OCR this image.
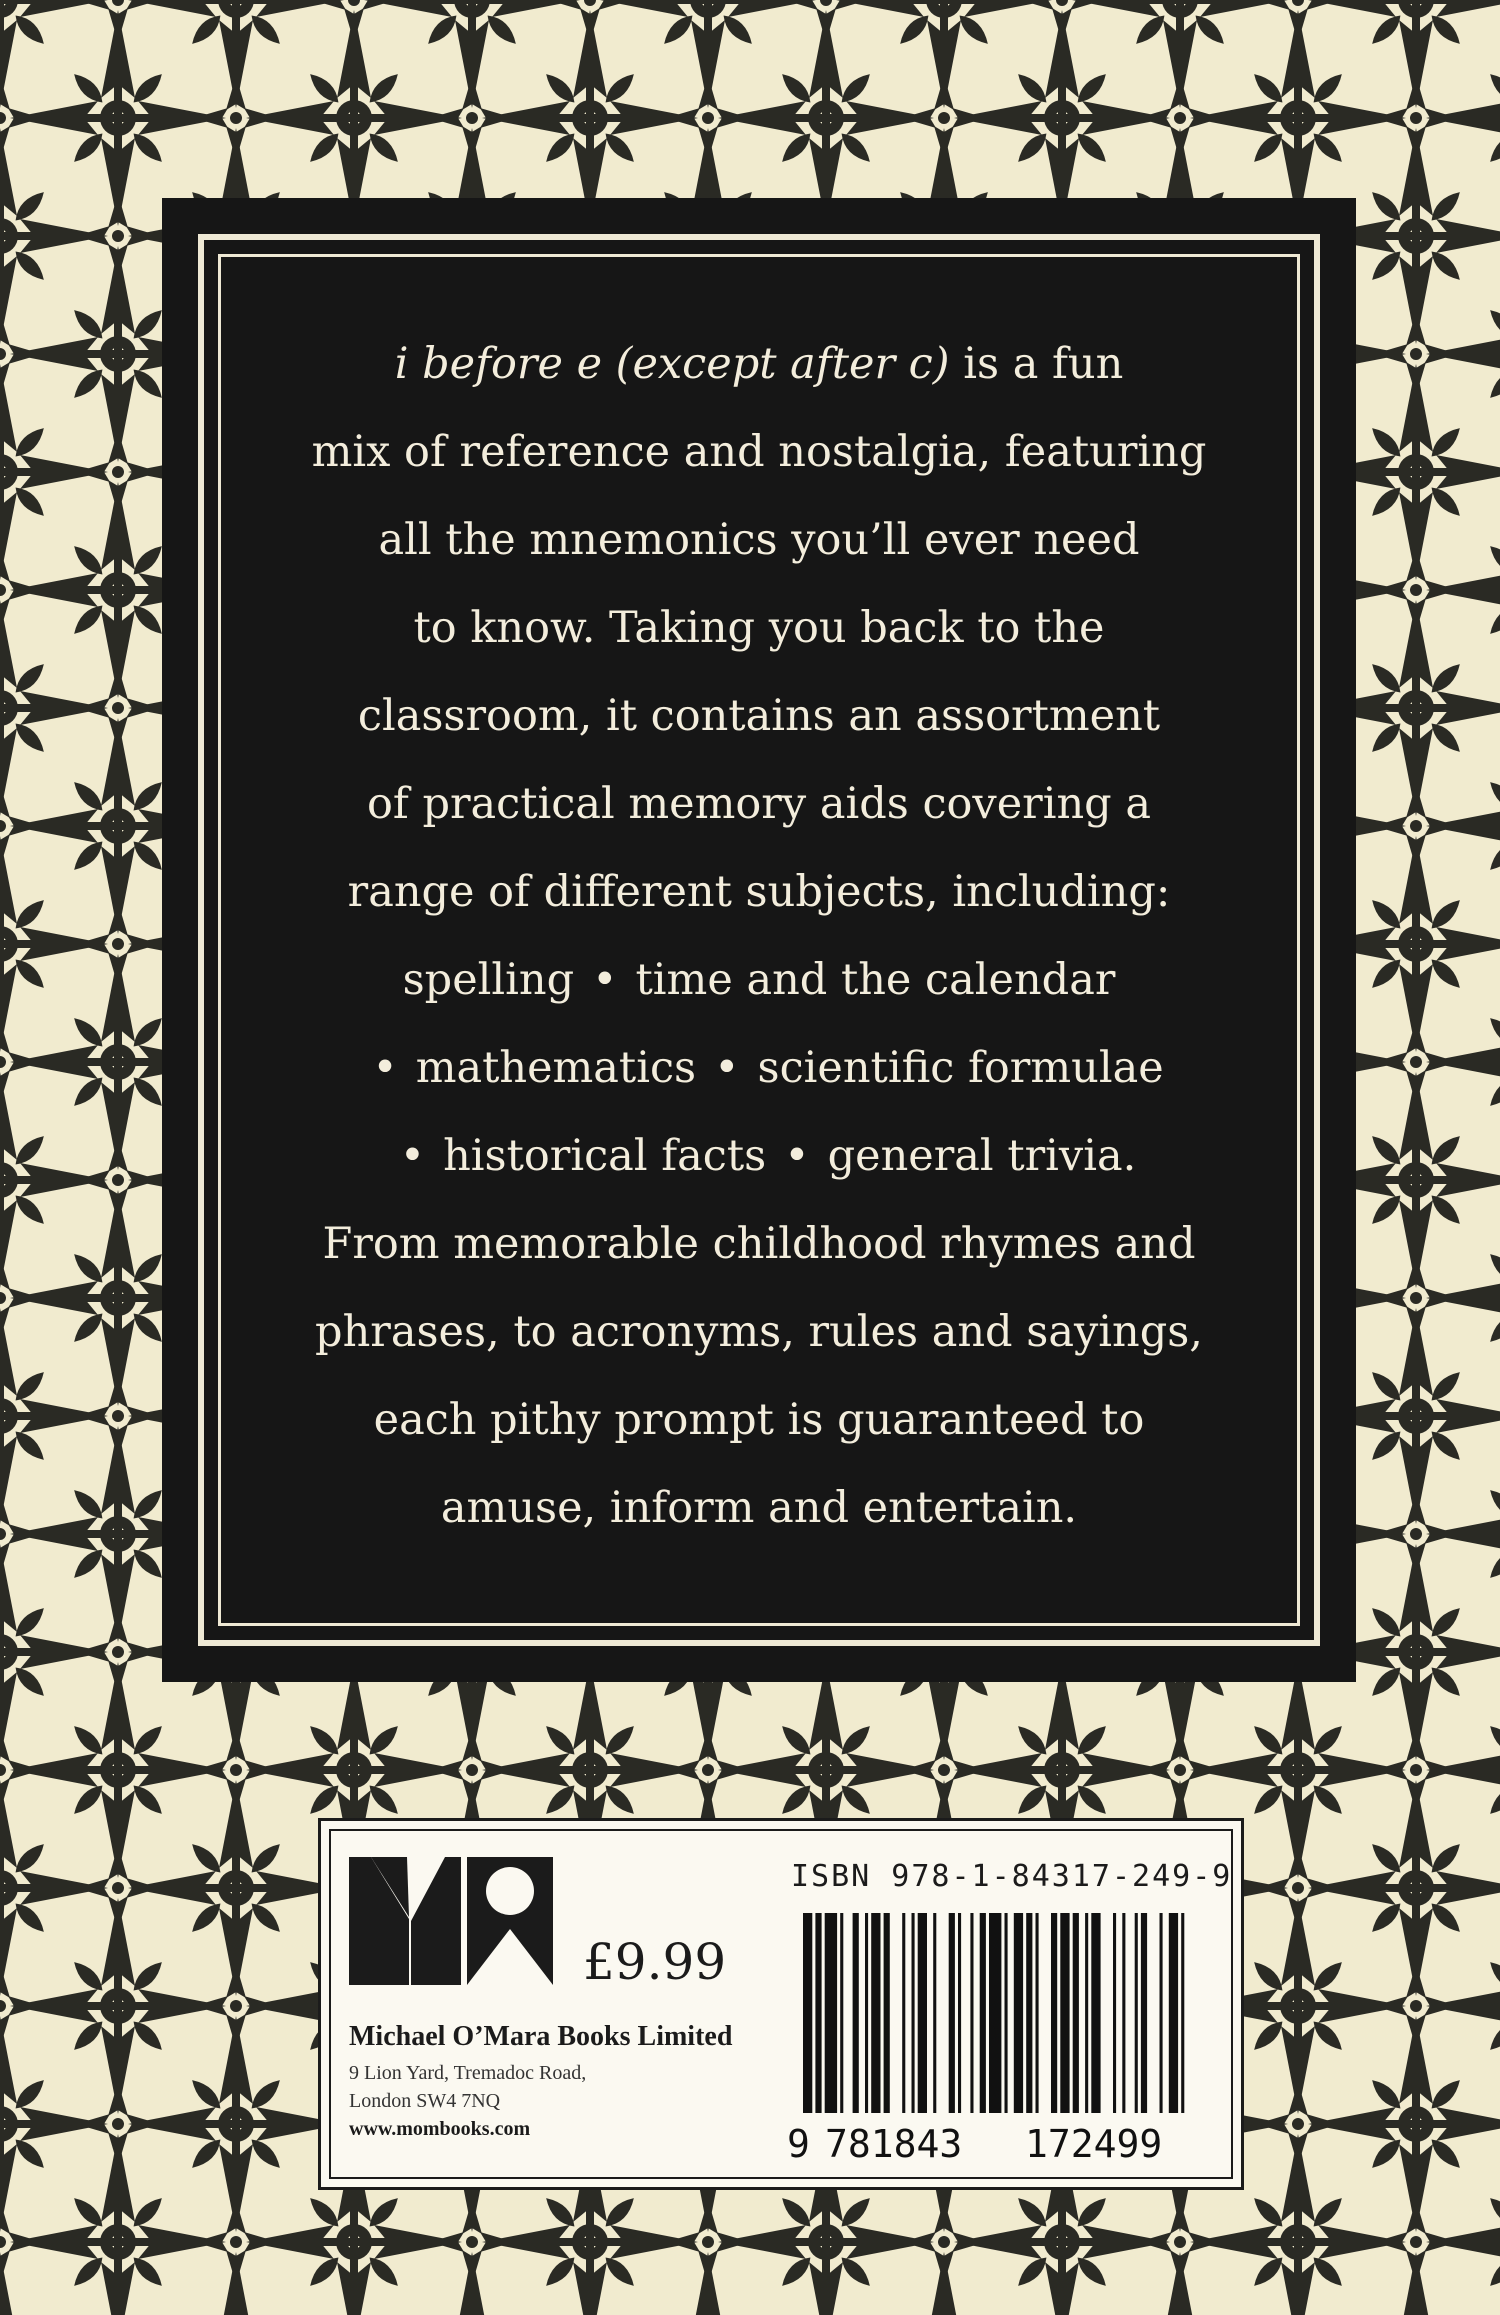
i before e (except after c) is a fun
mix of reference and nostalgia, featuring
all the mnemonics you’ll ever need
to know. Taking you back to the
classroom, it contains an assortment
of practical memory aids covering a
range of different subjects, including:
spelling • time and the calendar
• mathematics • scientific formulae
• historical facts • general trivia.
From memorable childhood rhymes and
phrases, to acronyms, rules and sayings,
each pithy prompt is guaranteed to
amuse, inform and entertain.
£9.99
Michael O’Mara Books Limited
9 Lion Yard, Tremadoc Road,
London SW4 7NQ
www.mombooks.com
ISBN 978-1-84317-249-9
9 781843 172499
